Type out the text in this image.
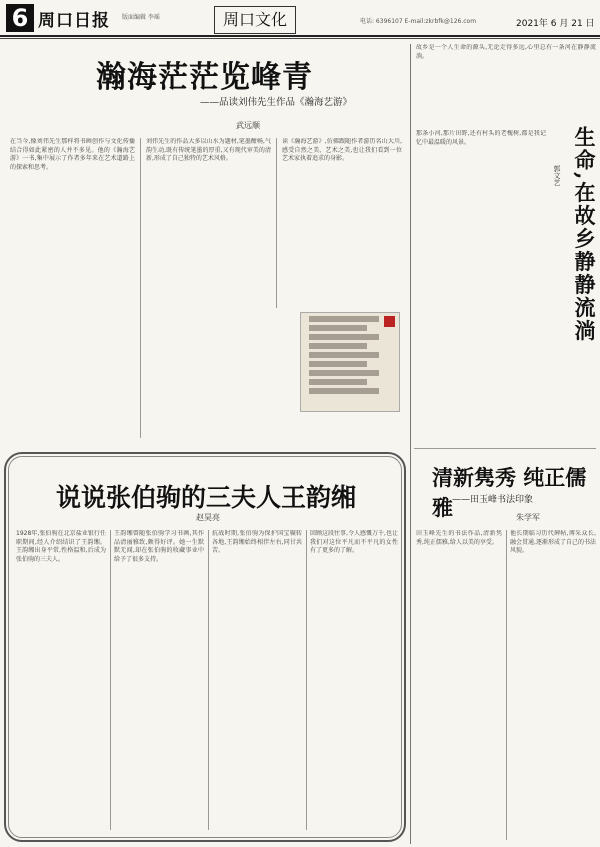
6 周口日报 版面编辑 李瑶	周口文化	电话: 6396107 E-mail:zkrbfk@126.com	2021年 6 月 21 日
瀚海茫茫览峰青
——品读刘伟先生作品《瀚海艺游》
武远顺
在当今,像刘伟先生那样将书画创作与文化传播结合得如此紧密的人并不多见。他的《瀚海艺游》一书,集中展示了作者多年来在艺术道路上的探索和思考。
刘伟先生的作品大多以山水为题材,笔墨酣畅,气韵生动,既有传统笔墨的厚重,又有现代审美的清新,形成了自己独特的艺术风格。
读《瀚海艺游》,仿佛跟随作者游历名山大川,感受自然之美、艺术之美,也让我们看到一位艺术家执着追求的身影。
故乡是一个人生命的源头,无论走得多远,心里总有一条河在静静流淌。
生命,在故乡静静流淌
郭文艺
那条小河,那片田野,还有村头的老槐树,都是我记忆中最温暖的风景。
说说张伯驹的三夫人王韵缃
赵昊亮
1928年,张伯驹在北京盐业银行任职期间,经人介绍结识了王韵缃。王韵缃出身平常,性格温和,后成为张伯驹的三夫人。
王韵缃曾随张伯驹学习书画,其作品清丽雅致,颇得好评。她一生默默无闻,却在张伯驹的收藏事业中给予了很多支持。
抗战时期,张伯驹为保护国宝辗转各地,王韵缃始终相伴左右,同甘共苦。
回顾这段往事,令人感慨万千,也让我们对这位平凡而不平凡的女性有了更多的了解。
清新隽秀 纯正儒雅 ——田玉峰书法印象
朱学军
田玉峰先生的书法作品,清新隽秀,纯正儒雅,给人以美的享受。
他长期临习历代碑帖,博采众长,融会贯通,逐渐形成了自己的书法风貌。
